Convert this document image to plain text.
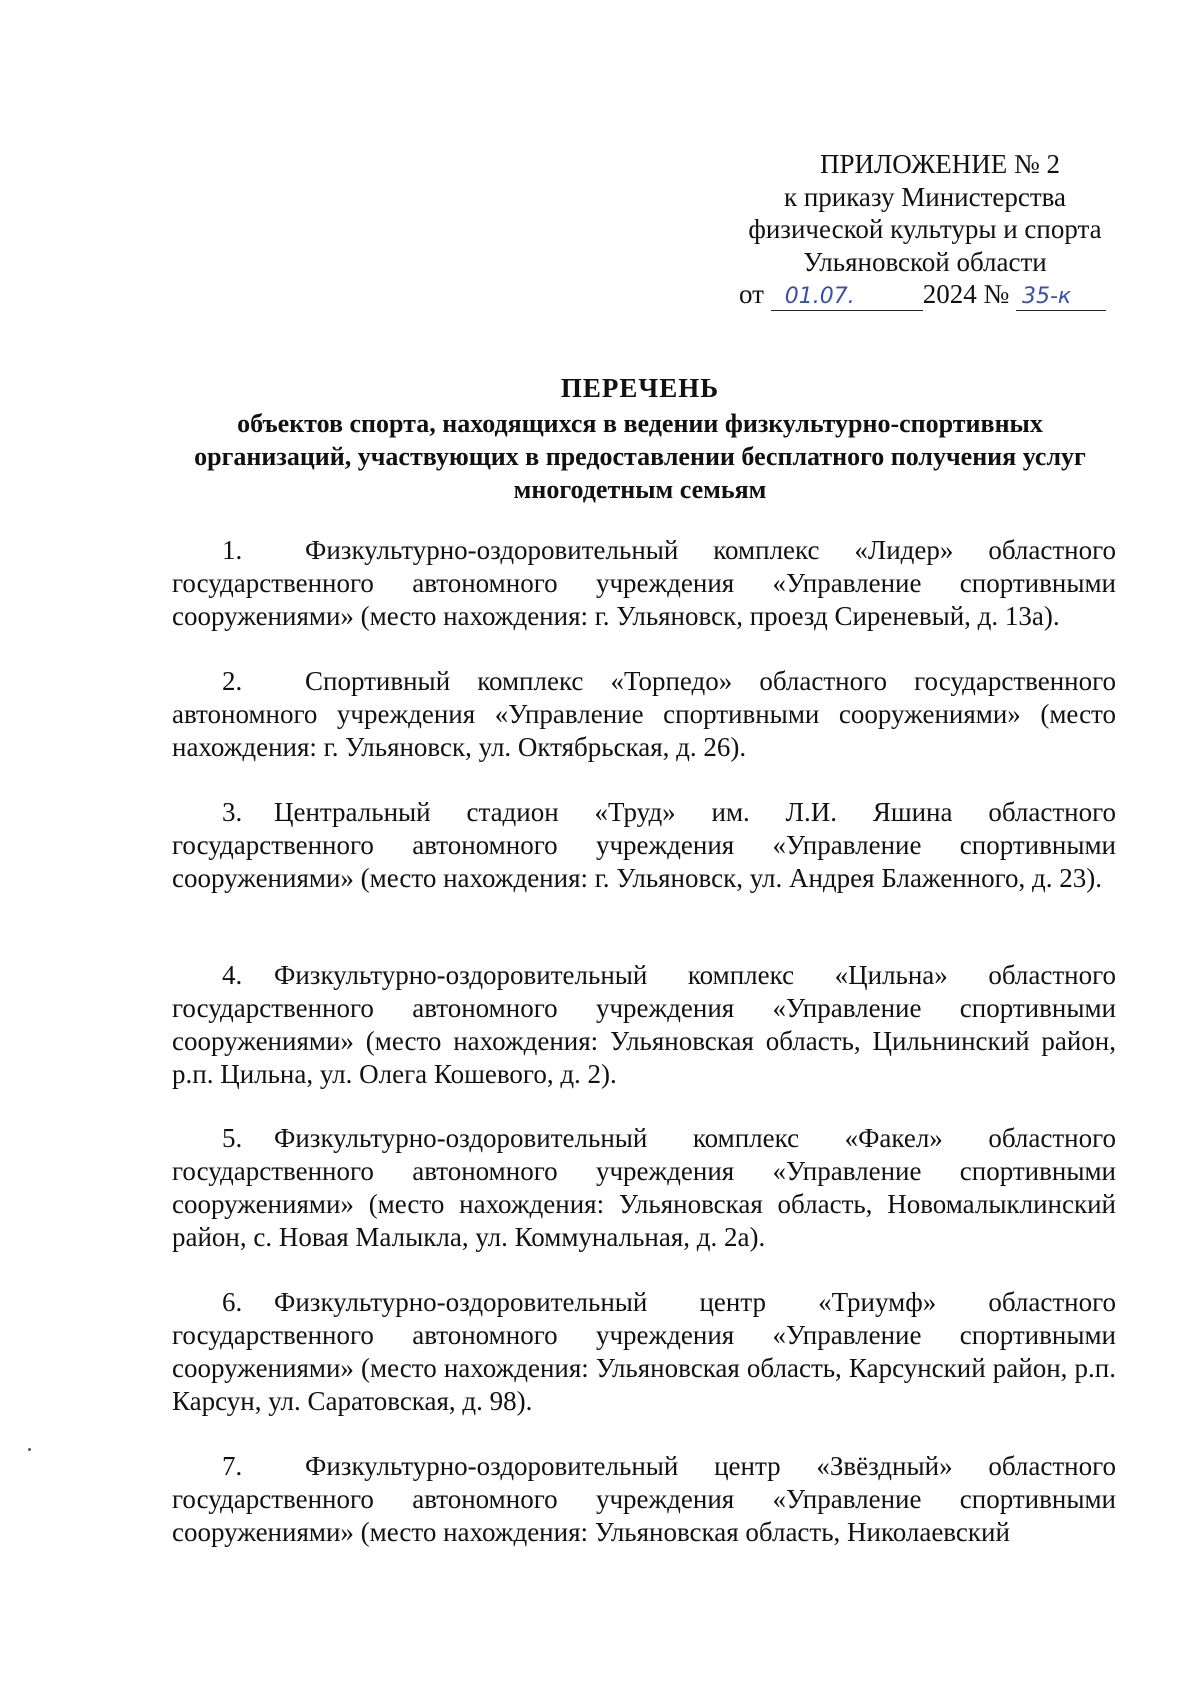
ПРИЛОЖЕНИЕ № 2
к приказу Министерства
физической культуры и спорта
Ульяновской области
от 01.07.	2024 № 35-к
ПЕРЕЧЕНЬ
объектов спорта, находящихся в ведении физкультурно-спортивных организаций, участвующих в предоставлении бесплатного получения услуг многодетным семьям

1. Физкультурно-оздоровительный комплекс «Лидер» областного государственного автономного учреждения «Управление спортивными сооружениями» (место нахождения: г. Ульяновск, проезд Сиреневый, д. 13а).

2. Спортивный комплекс «Торпедо» областного государственного автономного учреждения «Управление спортивными сооружениями» (место нахождения: г. Ульяновск, ул. Октябрьская, д. 26).

3. Центральный стадион «Труд» им. Л.И. Яшина областного государственного автономного учреждения «Управление спортивными сооружениями» (место нахождения: г. Ульяновск, ул. Андрея Блаженного, д. 23).

4. Физкультурно-оздоровительный комплекс «Цильна» областного государственного автономного учреждения «Управление спортивными сооружениями» (место нахождения: Ульяновская область, Цильнинский район, р.п. Цильна, ул. Олега Кошевого, д. 2).

5. Физкультурно-оздоровительный комплекс «Факел» областного государственного автономного учреждения «Управление спортивными сооружениями» (место нахождения: Ульяновская область, Новомалыклинский район, с. Новая Малыкла, ул. Коммунальная, д. 2а).

6. Физкультурно-оздоровительный центр «Триумф» областного государственного автономного учреждения «Управление спортивными сооружениями» (место нахождения: Ульяновская область, Карсунский район, р.п. Карсун, ул. Саратовская, д. 98).

7. Физкультурно-оздоровительный центр «Звёздный» областного государственного автономного учреждения «Управление спортивными сооружениями» (место нахождения: Ульяновская область, Николаевский
